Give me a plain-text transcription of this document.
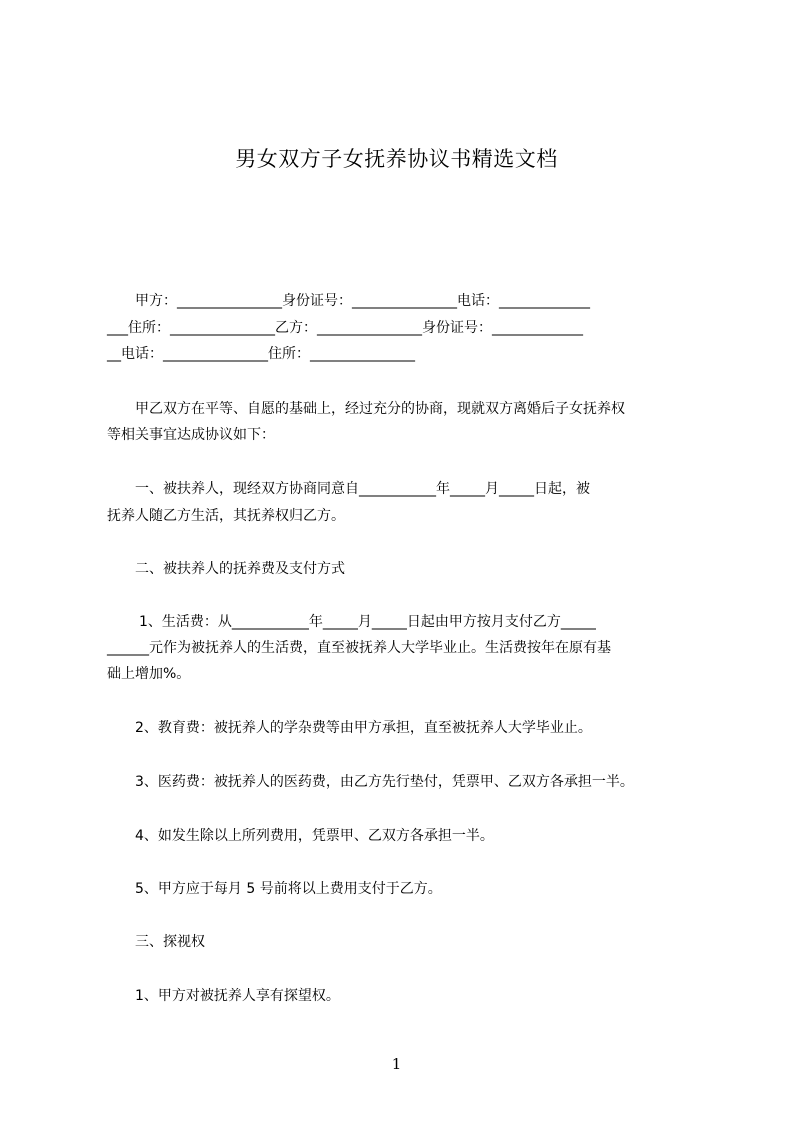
男女双方子女抚养协议书精选文档
甲方：_______________身份证号：_______________电话：_____________
___住所：_______________乙方：_______________身份证号：_____________
__电话：_______________住所：_______________
甲乙双方在平等、自愿的基础上，经过充分的协商，现就双方离婚后子女抚养权
等相关事宜达成协议如下：
一、被扶养人，现经双方协商同意自___________年_____月_____日起，被
抚养人随乙方生活，其抚养权归乙方。
二、被扶养人的抚养费及支付方式
1、生活费：从___________年_____月_____日起由甲方按月支付乙方_____
______元作为被抚养人的生活费，直至被抚养人大学毕业止。生活费按年在原有基
础上增加%。
2、教育费：被抚养人的学杂费等由甲方承担，直至被抚养人大学毕业止。
3、医药费：被抚养人的医药费，由乙方先行垫付，凭票甲、乙双方各承担一半。
4、如发生除以上所列费用，凭票甲、乙双方各承担一半。
5、甲方应于每月 5 号前将以上费用支付于乙方。
三、探视权
1、甲方对被抚养人享有探望权。
1
